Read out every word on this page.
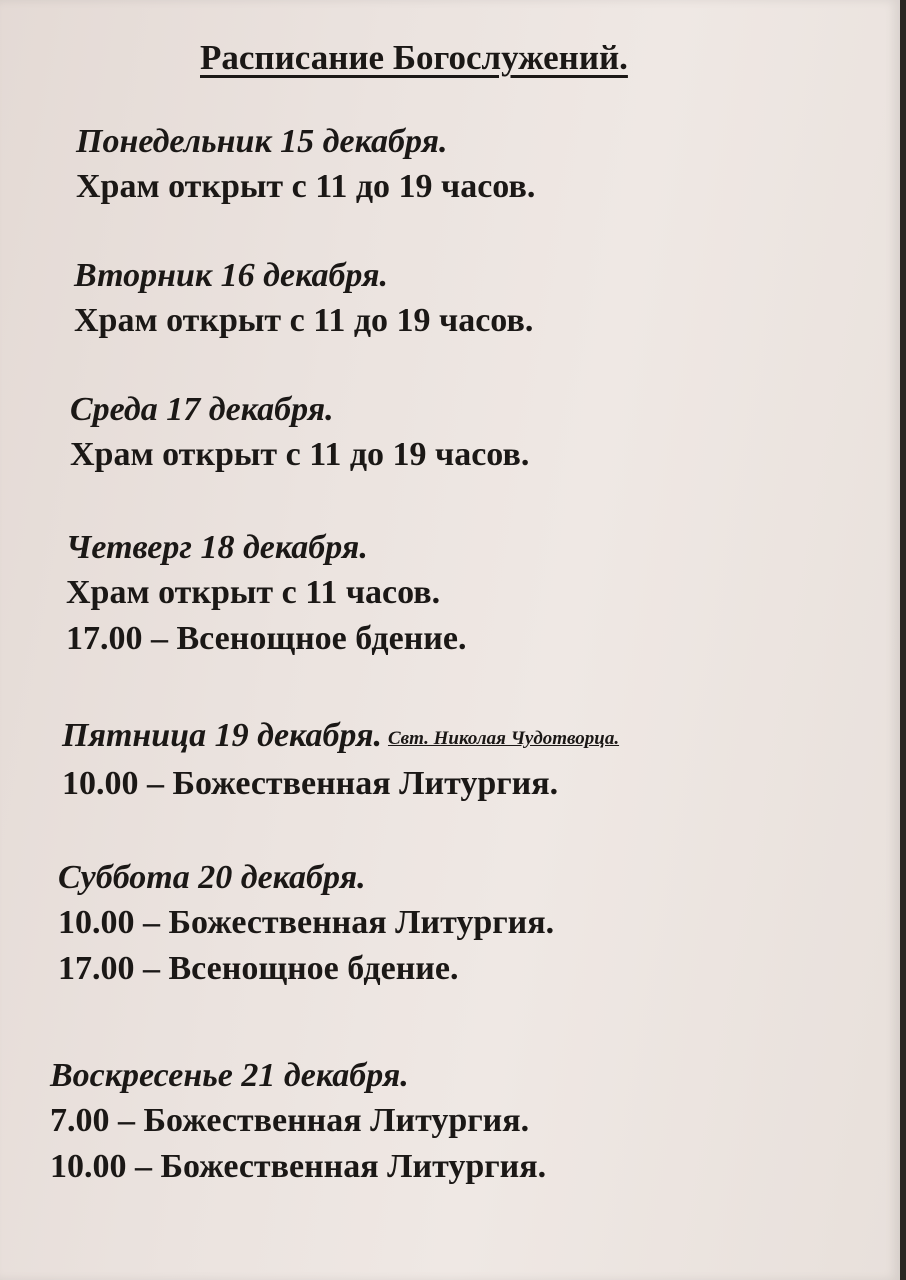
Расписание Богослужений.
Понедельник 15 декабря.
Храм открыт с 11 до 19 часов.
Вторник 16 декабря.
Храм открыт с 11 до 19 часов.
Среда 17 декабря.
Храм открыт с 11 до 19 часов.
Четверг 18 декабря.
Храм открыт с 11 часов.
17.00 – Всенощное бдение.
Пятница 19 декабря. Свт. Николая Чудотворца.
10.00 – Божественная Литургия.
Суббота 20 декабря.
10.00 – Божественная Литургия.
17.00 – Всенощное бдение.
Воскресенье 21 декабря.
7.00 – Божественная Литургия.
10.00 – Божественная Литургия.
